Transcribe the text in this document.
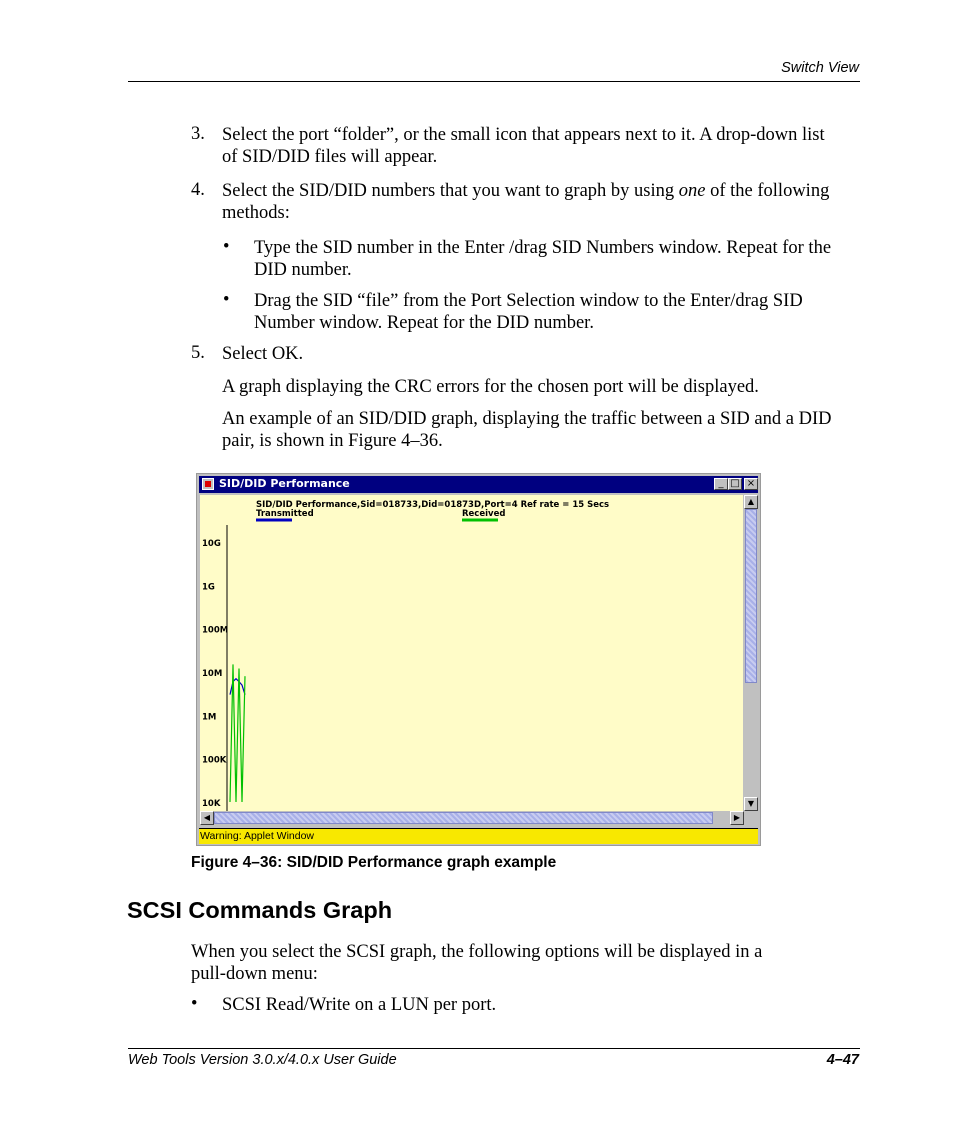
Switch View
3. Select the port “folder”, or the small icon that appears next to it. A drop-down list
of SID/DID files will appear.
4. Select the SID/DID numbers that you want to graph by using one of the following
methods:
• Type the SID number in the Enter /drag SID Numbers window. Repeat for the
DID number.
• Drag the SID “file” from the Port Selection window to the Enter/drag SID
Number window. Repeat for the DID number.
5. Select OK.
A graph displaying the CRC errors for the chosen port will be displayed.
An example of an SID/DID graph, displaying the traffic between a SID and a DID
pair, is shown in Figure 4–36.
SID/DID Performance	_ □ ×
SID/DID Performance,Sid=018733,Did=01873D,Port=4 Ref rate = 15 Secs
Transmitted	Received
10G
1G
100M
10M
1M
100K
10K
▲
▼
◀	▶
Warning: Applet Window
Figure 4–36: SID/DID Performance graph example
SCSI Commands Graph
When you select the SCSI graph, the following options will be displayed in a
pull-down menu:
• SCSI Read/Write on a LUN per port.
Web Tools Version 3.0.x/4.0.x User Guide	4–47
